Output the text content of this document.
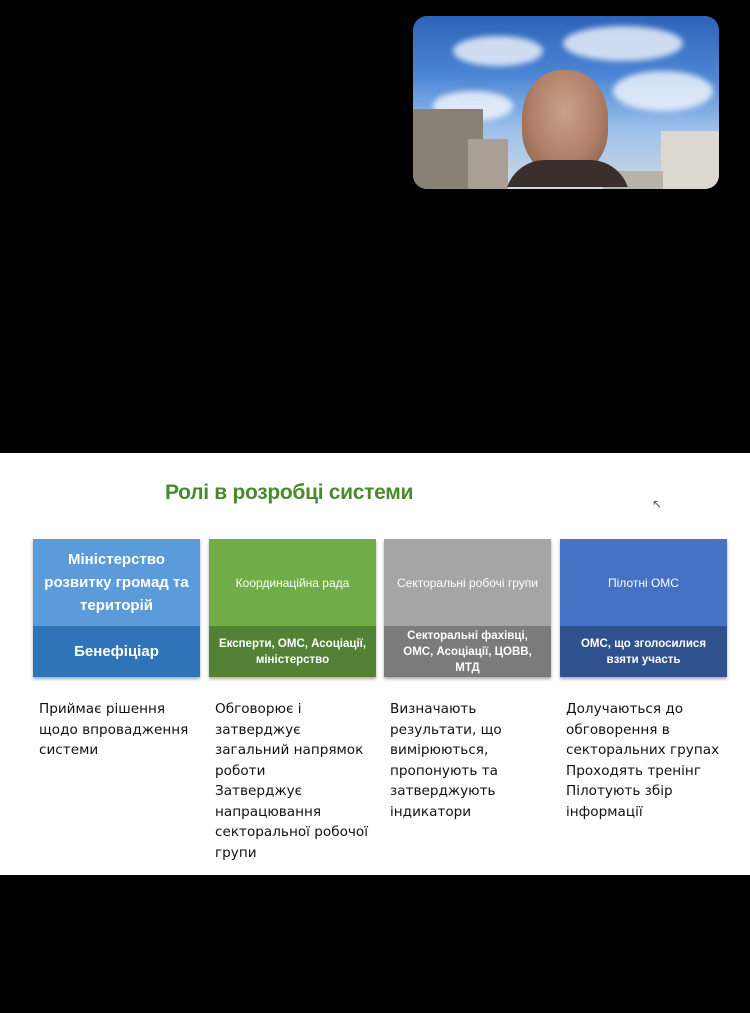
Ролі в розробці системи	↖
Міністерство розвитку громад та територій
Бенефіціар
Приймає рішення щодо впровадження системи
Координаційна рада
Експерти, ОМС, Асоціації, міністерство
Обговорює і затверджує загальний напрямок роботи
Затверджує напрацювання секторальної робочої групи
Секторальні робочі групи
Секторальні фахівці, ОМС, Асоціації, ЦОВВ, МТД
Визначають результати, що вимірюються, пропонують та затверджують індикатори
Пілотні ОМС
ОМС, що зголосилися взяти участь
Долучаються до обговорення в секторальних групах
Проходять тренінг
Пілотують збір інформації
